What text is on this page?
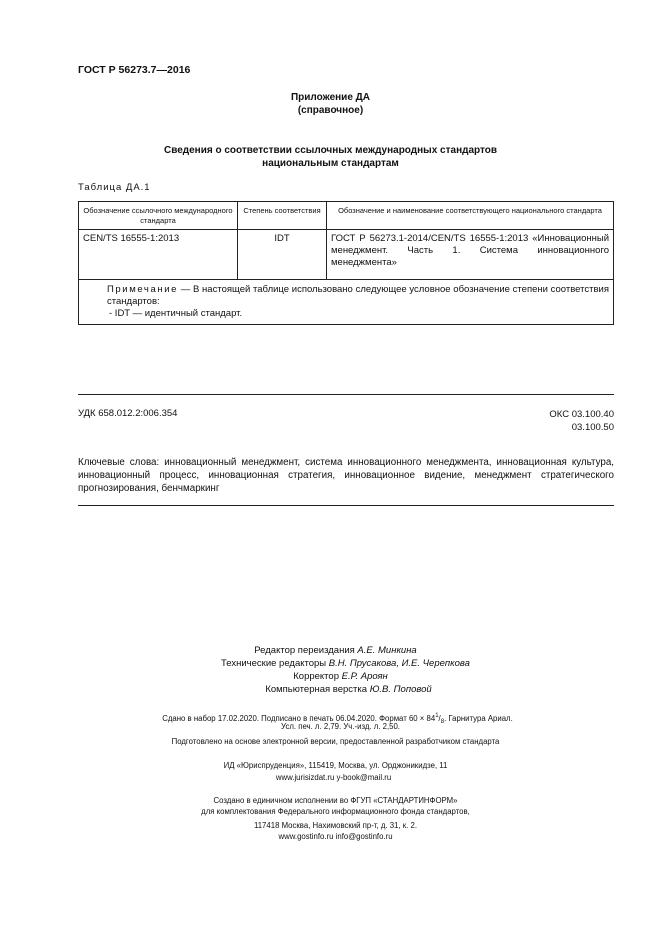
ГОСТ Р 56273.7—2016
Приложение ДА
(справочное)
Сведения о соответствии ссылочных международных стандартов
национальным стандартам
Таблица ДА.1
Обозначение ссылочного международного стандарта	Степень соответствия	Обозначение и наименование соответствующего национального стандарта
CEN/TS 16555-1:2013	IDT	ГОСТ Р 56273.1-2014/CEN/TS 16555-1:2013 «Инновационный менеджмент. Часть 1. Система инновационного менеджмента»

Примечание — В настоящей таблице использовано следующее условное обозначение степени соответствия стандартов:
- IDT — идентичный стандарт.		
УДК 658.012.2:006.354	ОКС 03.100.40
03.100.50
Ключевые слова: инновационный менеджмент, система инновационного менеджмента, инновационная культура, инновационный процесс, инновационная стратегия, инновационное видение, менеджмент стратегического прогнозирования, бенчмаркинг
Редактор переиздания А.Е. Минкина
Технические редакторы В.Н. Прусакова, И.Е. Черепкова
Корректор Е.Р. Ароян
Компьютерная верстка Ю.В. Поповой
Сдано в набор 17.02.2020. Подписано в печать 06.04.2020. Формат $60 \times 84^1/_8$. Гарнитура Ариал.
Усл. печ. л. 2,79. Уч.-изд. л. 2,50.
Подготовлено на основе электронной версии, предоставленной разработчиком стандарта
ИД «Юриспруденция», 115419, Москва, ул. Орджоникидзе, 11
www.jurisizdat.ru y-book@mail.ru
Создано в единичном исполнении во ФГУП «СТАНДАРТИНФОРМ»
для комплектования Федерального информационного фонда стандартов,
117418 Москва, Нахимовский пр-т, д. 31, к. 2.
www.gostinfo.ru info@gostinfo.ru
